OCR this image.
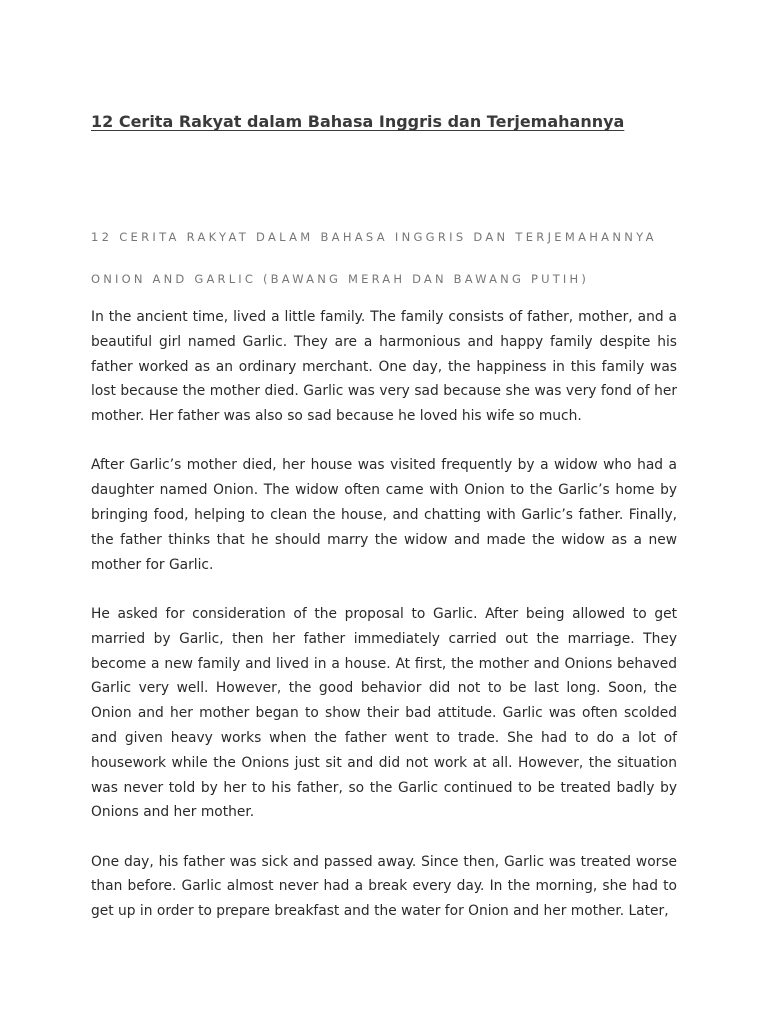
12 Cerita Rakyat dalam Bahasa Inggris dan Terjemahannya
12 CERITA RAKYAT DALAM BAHASA INGGRIS DAN TERJEMAHANNYA
ONION AND GARLIC (BAWANG MERAH DAN BAWANG PUTIH)

In the ancient time, lived a little family. The family consists of father, mother, and a beautiful girl named Garlic. They are a harmonious and happy family despite his father worked as an ordinary merchant. One day, the happiness in this family was lost because the mother died. Garlic was very sad because she was very fond of her mother. Her father was also so sad because he loved his wife so much.

After Garlic’s mother died, her house was visited frequently by a widow who had a daughter named Onion. The widow often came with Onion to the Garlic’s home by bringing food, helping to clean the house, and chatting with Garlic’s father. Finally, the father thinks that he should marry the widow and made the widow as a new mother for Garlic.

He asked for consideration of the proposal to Garlic. After being allowed to get married by Garlic, then her father immediately carried out the marriage. They become a new family and lived in a house. At first, the mother and Onions behaved Garlic very well. However, the good behavior did not to be last long. Soon, the Onion and her mother began to show their bad attitude. Garlic was often scolded and given heavy works when the father went to trade. She had to do a lot of housework while the Onions just sit and did not work at all. However, the situation was never told by her to his father, so the Garlic continued to be treated badly by Onions and her mother.

One day, his father was sick and passed away. Since then, Garlic was treated worse than before. Garlic almost never had a break every day. In the morning, she had to get up in order to prepare breakfast and the water for Onion and her mother. Later,
